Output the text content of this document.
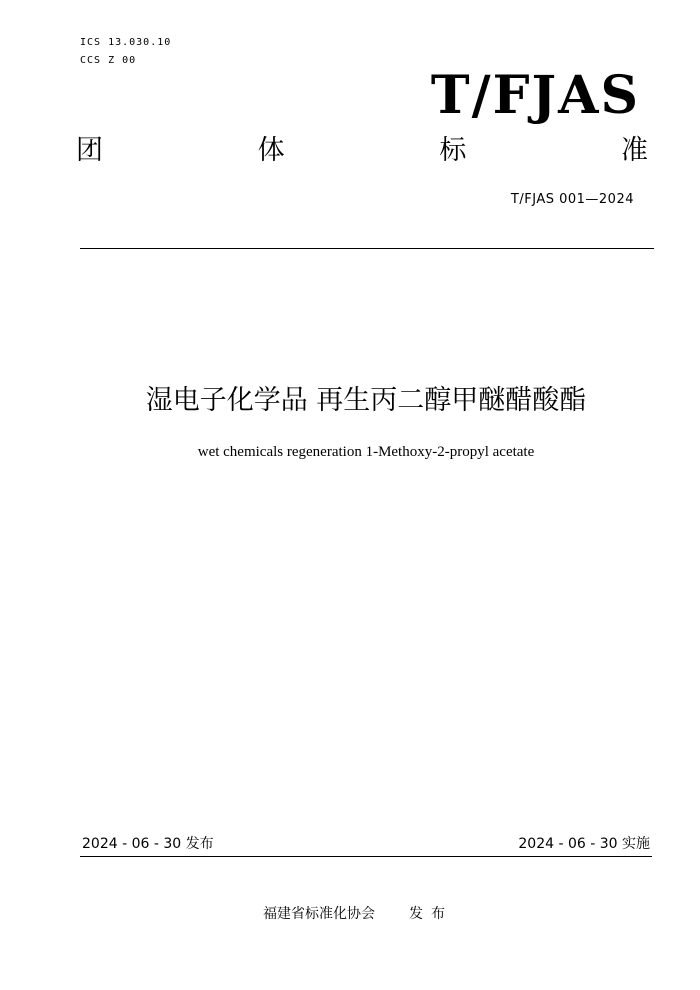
ICS 13.030.10
CCS Z 00
T/FJAS
团	体	标	准
T/FJAS 001—2024
湿电子化学品 再生丙二醇甲醚醋酸酯
wet chemicals regeneration 1-Methoxy-2-propyl acetate
2024 - 06 - 30 发布	2024 - 06 - 30 实施
福建省标准化协会 发布
